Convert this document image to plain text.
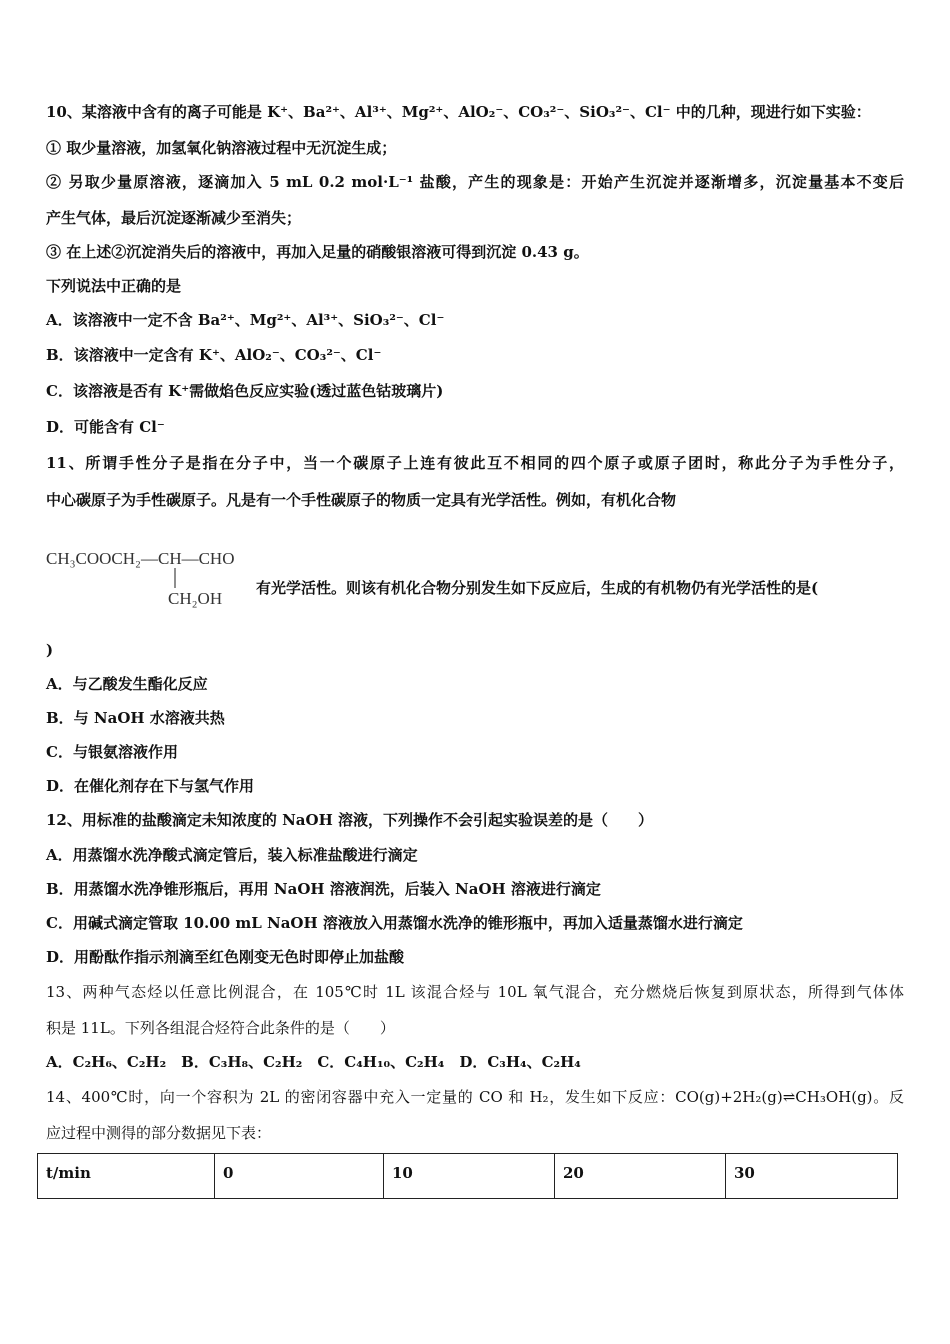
10、某溶液中含有的离子可能是 K⁺、Ba²⁺、Al³⁺、Mg²⁺、AlO₂⁻、CO₃²⁻、SiO₃²⁻、Cl⁻ 中的几种，现进行如下实验：

① 取少量溶液，加氢氧化钠溶液过程中无沉淀生成；

② 另取少量原溶液，逐滴加入 5 mL 0.2 mol·L⁻¹ 盐酸，产生的现象是：开始产生沉淀并逐渐增多，沉淀量基本不变后

产生气体，最后沉淀逐渐减少至消失；

③ 在上述②沉淀消失后的溶液中，再加入足量的硝酸银溶液可得到沉淀 0.43 g。

下列说法中正确的是

A．该溶液中一定不含 Ba²⁺、Mg²⁺、Al³⁺、SiO₃²⁻、Cl⁻

B．该溶液中一定含有 K⁺、AlO₂⁻、CO₃²⁻、Cl⁻

C．该溶液是否有 K⁺需做焰色反应实验(透过蓝色钴玻璃片)

D．可能含有 Cl⁻

11、所谓手性分子是指在分子中，当一个碳原子上连有彼此互不相同的四个原子或原子团时，称此分子为手性分子，

中心碳原子为手性碳原子。凡是有一个手性碳原子的物质一定具有光学活性。例如，有机化合物

CH₃COOCH₂—CH—CHO
CH₂OH

有光学活性。则该有机化合物分别发生如下反应后，生成的有机物仍有光学活性的是(

)

A．与乙酸发生酯化反应

B．与 NaOH 水溶液共热

C．与银氨溶液作用

D．在催化剂存在下与氢气作用

12、用标准的盐酸滴定未知浓度的 NaOH 溶液，下列操作不会引起实验误差的是（　　）

A．用蒸馏水洗净酸式滴定管后，装入标准盐酸进行滴定

B．用蒸馏水洗净锥形瓶后，再用 NaOH 溶液润洗，后装入 NaOH 溶液进行滴定

C．用碱式滴定管取 10.00 mL NaOH 溶液放入用蒸馏水洗净的锥形瓶中，再加入适量蒸馏水进行滴定

D．用酚酞作指示剂滴至红色刚变无色时即停止加盐酸

13、两种气态烃以任意比例混合，在 105℃时 1L 该混合烃与 10L 氧气混合，充分燃烧后恢复到原状态，所得到气体体

积是 11L。下列各组混合烃符合此条件的是（　　）

A．C₂H₆、C₂H₂　B．C₃H₈、C₂H₂　C．C₄H₁₀、C₂H₄　D．C₃H₄、C₂H₄

14、400℃时，向一个容积为 2L 的密闭容器中充入一定量的 CO 和 H₂，发生如下反应：CO(g)+2H₂(g)⇌CH₃OH(g)。反

应过程中测得的部分数据见下表：

t/min	0	10	20	30
